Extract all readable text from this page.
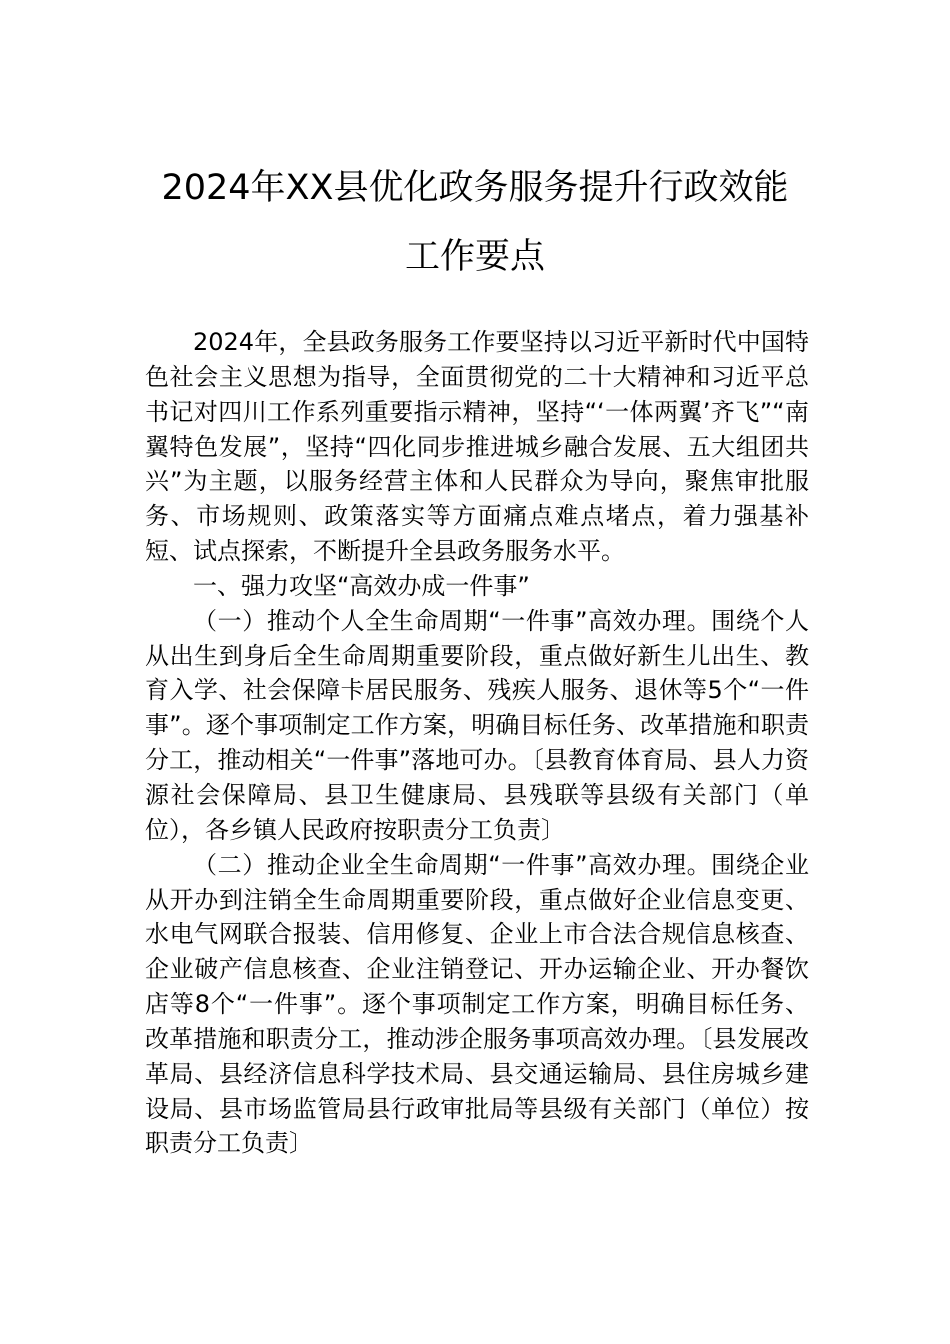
2024年XX县优化政务服务提升行政效能
工作要点

2024年，全县政务服务工作要坚持以习近平新时代中国特色社会主义思想为指导，全面贯彻党的二十大精神和习近平总书记对四川工作系列重要指示精神，坚持“‘一体两翼’齐飞”“南翼特色发展”，坚持“四化同步推进城乡融合发展、五大组团共兴”为主题，以服务经营主体和人民群众为导向，聚焦审批服务、市场规则、政策落实等方面痛点难点堵点，着力强基补短、试点探索，不断提升全县政务服务水平。

一、强力攻坚“高效办成一件事”

（一）推动个人全生命周期“一件事”高效办理。围绕个人从出生到身后全生命周期重要阶段，重点做好新生儿出生、教育入学、社会保障卡居民服务、残疾人服务、退休等5个“一件事”。逐个事项制定工作方案，明确目标任务、改革措施和职责分工，推动相关“一件事”落地可办。〔县教育体育局、县人力资源社会保障局、县卫生健康局、县残联等县级有关部门（单位），各乡镇人民政府按职责分工负责〕

（二）推动企业全生命周期“一件事”高效办理。围绕企业从开办到注销全生命周期重要阶段，重点做好企业信息变更、水电气网联合报装、信用修复、企业上市合法合规信息核查、企业破产信息核查、企业注销登记、开办运输企业、开办餐饮店等8个“一件事”。逐个事项制定工作方案，明确目标任务、改革措施和职责分工，推动涉企服务事项高效办理。〔县发展改革局、县经济信息科学技术局、县交通运输局、县住房城乡建设局、县市场监管局县行政审批局等县级有关部门（单位）按职责分工负责〕
